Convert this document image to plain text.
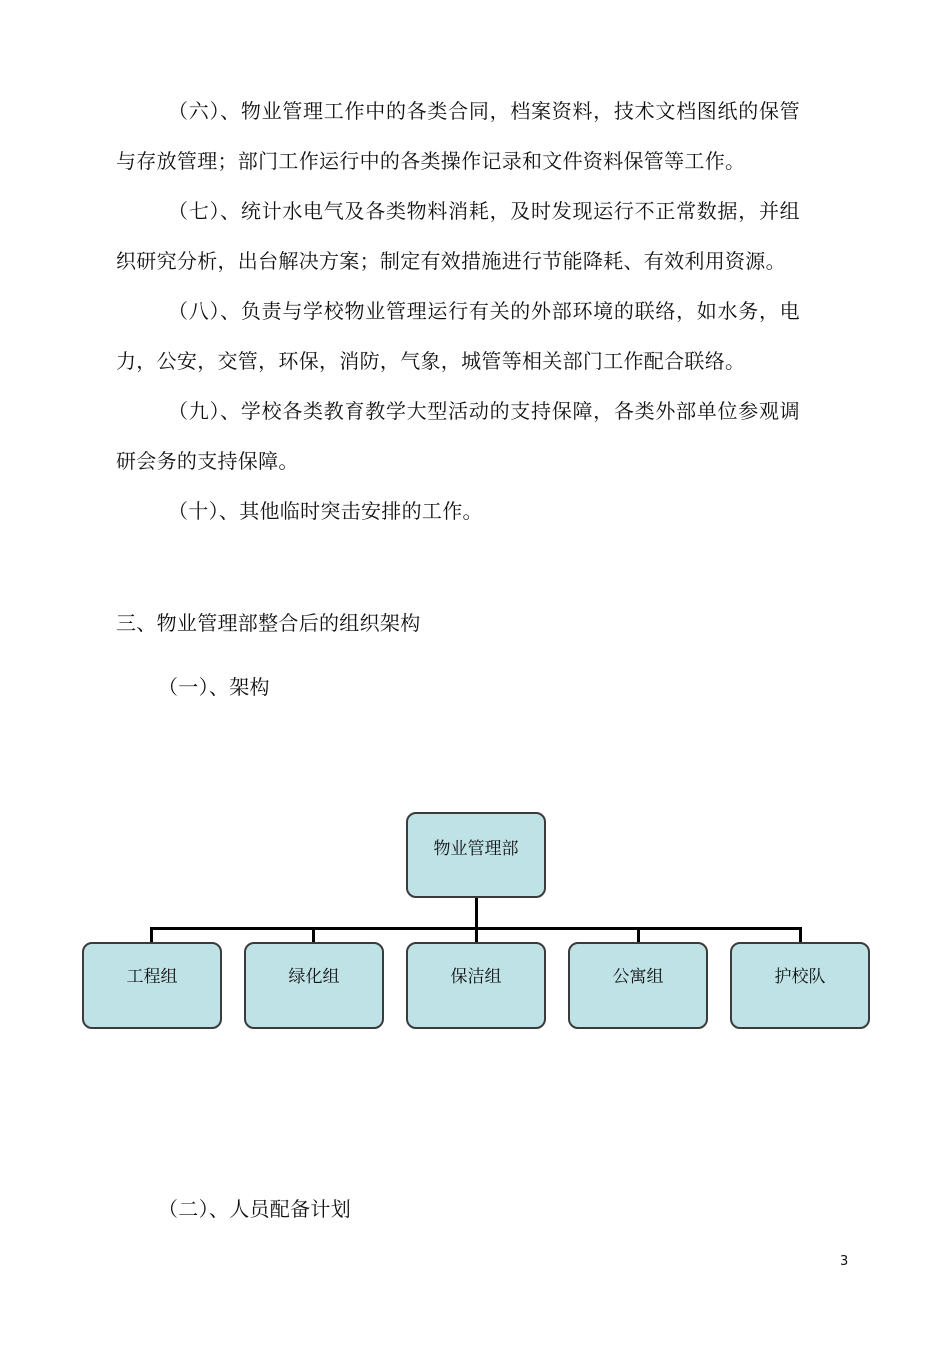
（六）、物业管理工作中的各类合同，档案资料，技术文档图纸的保管
与存放管理；部门工作运行中的各类操作记录和文件资料保管等工作。
（七）、统计水电气及各类物料消耗，及时发现运行不正常数据，并组
织研究分析，出台解决方案；制定有效措施进行节能降耗、有效利用资源。
（八）、负责与学校物业管理运行有关的外部环境的联络，如水务，电
力，公安，交管，环保，消防，气象，城管等相关部门工作配合联络。
（九）、学校各类教育教学大型活动的支持保障，各类外部单位参观调
研会务的支持保障。
（十）、其他临时突击安排的工作。
三、物业管理部整合后的组织架构
（一）、架构
物业管理部
工程组	绿化组	保洁组	公寓组	护校队
（二）、人员配备计划
3
